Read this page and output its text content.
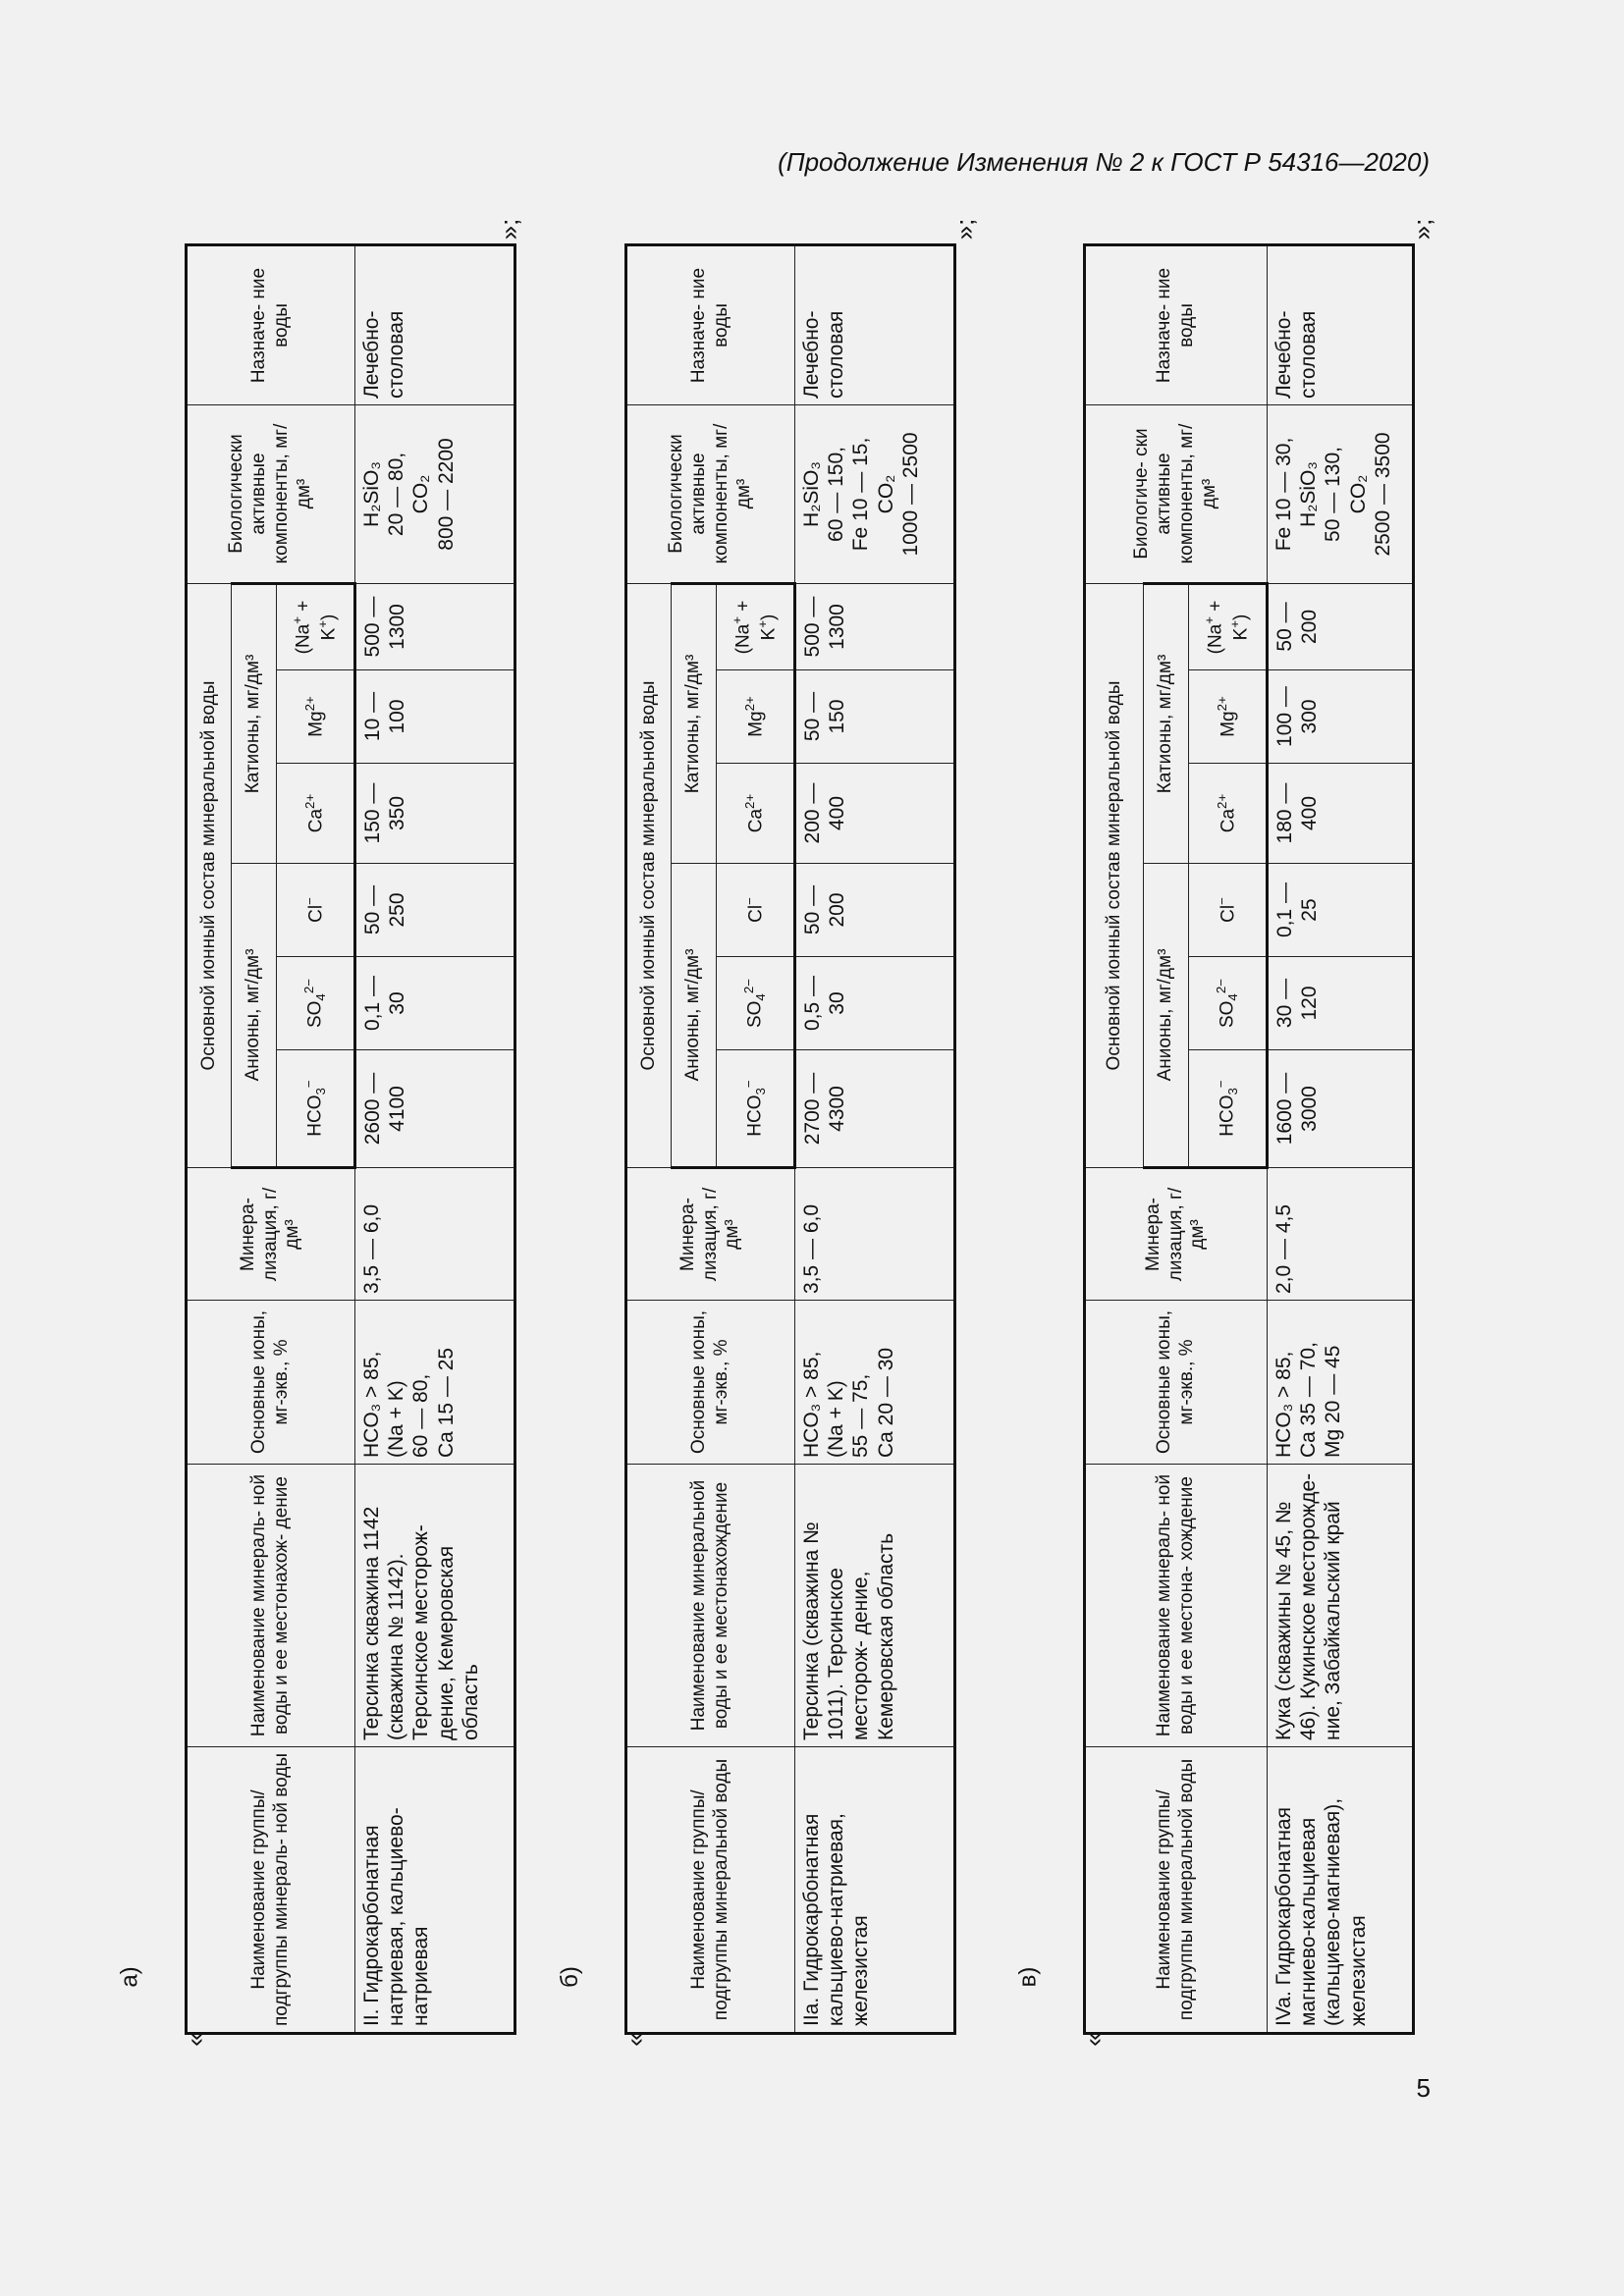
(Продолжение Изменения № 2 к ГОСТ Р 54316—2020)
а)	б)	в)
«	«	«
»;	»;	»;
Наименование группы/ подгруппы минераль- ной воды	Наименование минераль- ной воды и ее местонахож- дение	Основные ионы, мг-экв., %	Минера- лизация, г/дм³	Основной ионный состав минеральной воды						Биологически активные компоненты, мг/дм³	Назначе- ние воды
				Анионы, мг/дм³			Катионы, мг/дм³				
				$HCO_3^-$	$SO_4^{2-}$	Cl−	$Ca^{2+}$	$Mg^{2+}$	(Na+ + K+)		
II. Гидрокарбонатная натриевая, кальциево- натриевая	Терсинка скважина 1142 (скважина № 1142). Терсинское месторож- дение, Кемеровская область	HCO₃ > 85, (Na + K) 60 — 80, Ca 15 — 25	3,5 — 6,0	2600 — 4100	0,1 — 30	50 — 250	150 — 350	10 — 100	500 — 1300	H₂SiO₃ 20 — 80, CO₂ 800 — 2200	Лечебно- столовая
Наименование группы/ подгруппы минеральной воды	Наименование минеральной воды и ее местонахождение	Основные ионы, мг-экв., %	Минера- лизация, г/дм³	Основной ионный состав минеральной воды						Биологически активные компоненты, мг/дм³	Назначе- ние воды
				Анионы, мг/дм³			Катионы, мг/дм³				
				$HCO_3^-$	$SO_4^{2-}$	Cl−	$Ca^{2+}$	$Mg^{2+}$	(Na+ + K+)		
IIa. Гидрокарбонатная кальциево-натриевая, железистая	Терсинка (скважина № 1011). Терсинское месторож- дение, Кемеровская область	HCO₃ > 85, (Na + K) 55 — 75, Ca 20 — 30	3,5 — 6,0	2700 — 4300	0,5 — 30	50 — 200	200 — 400	50 — 150	500 — 1300	H₂SiO₃ 60 — 150, Fe 10 — 15, CO₂ 1000 — 2500	Лечебно- столовая
Наименование группы/ подгруппы минеральной воды	Наименование минераль- ной воды и ее местона- хождение	Основные ионы, мг-экв., %	Минера- лизация, г/дм³	Основной ионный состав минеральной воды						Биологиче- ски активные компоненты, мг/дм³	Назначе- ние воды
				Анионы, мг/дм³			Катионы, мг/дм³				
				$HCO_3^-$	$SO_4^{2-}$	Cl−	$Ca^{2+}$	$Mg^{2+}$	(Na+ + K+)		
IVa. Гидрокарбонатная магниево-кальциевая (кальциево-магниевая), железистая	Кука (скважины № 45, № 46). Кукинское месторожде- ние, Забайкальский край	HCO₃ > 85, Ca 35 — 70, Mg 20 — 45	2,0 — 4,5	1600 — 3000	30 — 120	0,1 — 25	180 — 400	100 — 300	50 — 200	Fe 10 — 30, H₂SiO₃ 50 — 130, CO₂ 2500 — 3500	Лечебно- столовая
5
